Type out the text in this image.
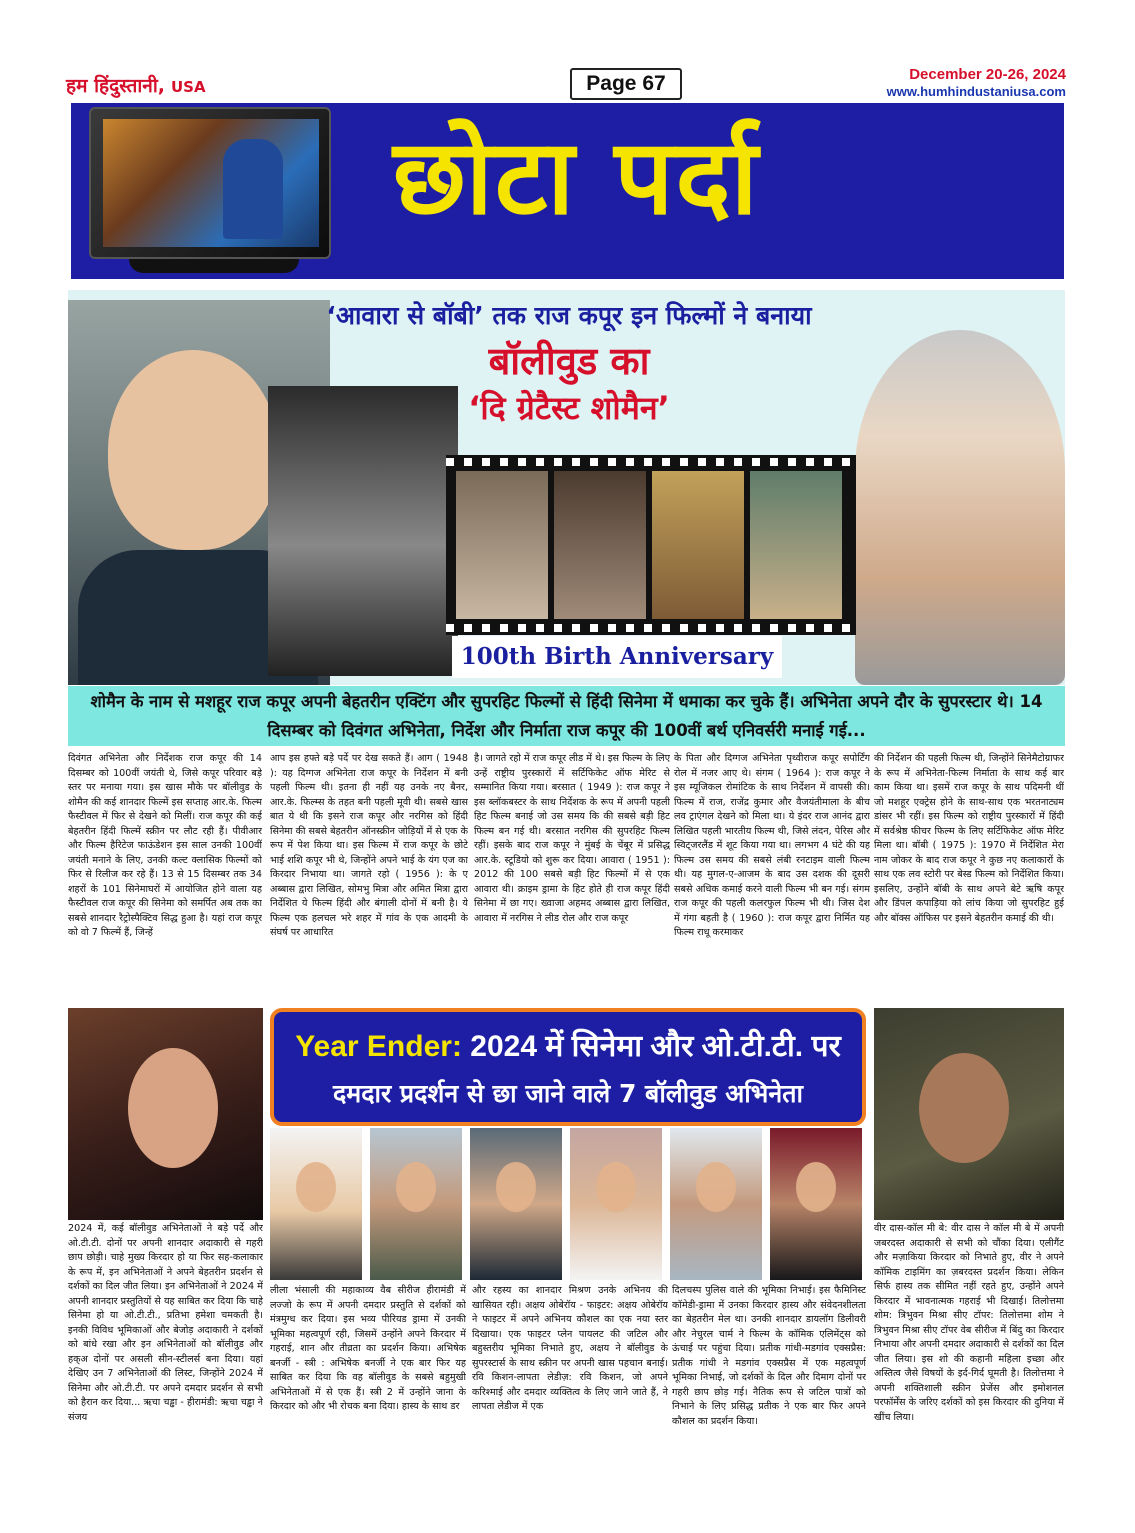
हम हिंदुस्तानी, USA	Page 67	December 20-26, 2024
www.humhindustaniusa.com
छोटा पर्दा
‘आवारा से बॉबी’ तक राज कपूर इन फिल्मों ने बनाया
बॉलीवुड का
‘दि ग्रेटैस्ट शोमैन’
100th Birth Anniversary
शोमैन के नाम से मशहूर राज कपूर अपनी बेहतरीन एक्टिंग और सुपरहिट फिल्मों से हिंदी सिनेमा में धमाका कर चुके हैं। अभिनेता अपने दौर के सुपरस्टार थे। 14 दिसम्बर को दिवंगत अभिनेता, निर्देश और निर्माता राज कपूर की 100वीं बर्थ एनिवर्सरी मनाई गई...
दिवंगत अभिनेता और निर्देशक राज कपूर की 14 दिसम्बर को 100वीं जयंती थे, जिसे कपूर परिवार बड़े स्तर पर मनाया गया। इस खास मौके पर बॉलीवुड के शोमैन की कई शानदार फिल्में इस सप्ताह आर.के. फिल्म फैस्टीवल में फिर से देखने को मिलीं। राज कपूर की कई बेहतरीन हिंदी फिल्में स्क्रीन पर लौट रही हैं। पीवीआर और फिल्म हैरिटेज फाऊंडेशन इस साल उनकी 100वीं जयंती मनाने के लिए, उनकी कल्ट क्लासिक फिल्मों को फिर से रिलीज कर रहे हैं। 13 से 15 दिसम्बर तक 34 शहरों के 101 सिनेमाघरों में आयोजित होने वाला यह फैस्टीवल राज कपूर की सिनेमा को समर्पित अब तक का सबसे शानदार रैट्रोस्पैक्टिव सिद्ध हुआ है। यहां राज कपूर को वो 7 फिल्में हैं, जिन्हें
आप इस हफ्ते बड़े पर्दे पर देख सकते हैं। आग ( 1948 ): यह दिग्गज अभिनेता राज कपूर के निर्देशन में बनी पहली फिल्म थी। इतना ही नहीं यह उनके नए बैनर, आर.के. फिल्म्स के तहत बनी पहली मूवी थी। सबसे खास बात ये थी कि इसने राज कपूर और नरगिस को हिंदी सिनेमा की सबसे बेहतरीन ऑनस्क्रीन जोड़ियों में से एक के रूप में पेश किया था। इस फिल्म में राज कपूर के छोटे भाई शशि कपूर भी थे, जिन्होंने अपने भाई के यंग एज का किरदार निभाया था। जागते रहो ( 1956 ): के ए अब्बास द्वारा लिखित, सोमभु मित्रा और अमित मित्रा द्वारा निर्देशित ये फिल्म हिंदी और बंगाली दोनों में बनी है। ये फिल्म एक हलचल भरे शहर में गांव के एक आदमी के संघर्ष पर आधारित
है। जागते रहो में राज कपूर लीड में थे। इस फिल्म के लिए उन्हें राष्ट्रीय पुरस्कारों में सर्टिफिकेट ऑफ मेरिट से सम्मानित किया गया। बरसात ( 1949 ): राज कपूर ने इस ब्लॉकबस्टर के साथ निर्देशक के रूप में अपनी पहली हिट फिल्म बनाई जो उस समय कि की सबसे बड़ी हिट फिल्म बन गई थी। बरसात नरगिस की सुपरहिट फिल्म रहीं। इसके बाद राज कपूर ने मुंबई के चेंबूर में प्रसिद्ध आर.के. स्टूडियो को शुरू कर दिया। आवारा ( 1951 ): 2012 की 100 सबसे बड़ी हिट फिल्मों में से एक आवारा थी। क्राइम ड्रामा के हिट होते ही राज कपूर हिंदी सिनेमा में छा गए। ख्वाजा अहमद अब्बास द्वारा लिखित, आवारा में नरगिस ने लीड रोल और राज कपूर
के पिता और दिग्गज अभिनेता पृथ्वीराज कपूर सपोर्टिंग रोल में नजर आए थे। संगम ( 1964 ): राज कपूर ने इस म्यूजिकल रोमांटिक के साथ निर्देशन में वापसी की। फिल्म में राज, राजेंद्र कुमार और वैजयंतीमाला के बीच लव ट्राएंगल देखने को मिला था। ये इंदर राज आनंद द्वारा लिखित पहली भारतीय फिल्म थी, जिसे लंदन, पेरिस और स्विट्जरलैंड में शूट किया गया था। लगभग 4 घंटे की यह फिल्म उस समय की सबसे लंबी रनटाइम वाली फिल्म थी। यह मुगल-ए-आजम के बाद उस दशक की दूसरी सबसे अधिक कमाई करने वाली फिल्म भी बन गई। संगम राज कपूर की पहली कलरफुल फिल्म भी थी। जिस देश में गंगा बहती है ( 1960 ): राज कपूर द्वारा निर्मित यह फिल्म राधू करमाकर
की निर्देशन की पहली फिल्म थी, जिन्होंने सिनेमैटोग्राफर के रूप में अभिनेता-फिल्म निर्माता के साथ कई बार काम किया था। इसमें राज कपूर के साथ पदिमनी थीं जो मशहूर एक्ट्रेस होने के साथ-साथ एक भरतनाट्यम डांसर भी रहीं। इस फिल्म को राष्ट्रीय पुरस्कारों में हिंदी में सर्वश्रेष्ठ फीचर फिल्म के लिए सर्टिफिकेट ऑफ मेरिट मिला था। बॉबी ( 1975 ): 1970 में निर्देशित मेरा नाम जोकर के बाद राज कपूर ने कुछ नए कलाकारों के साथ एक लव स्टोरी पर बेस्ड फिल्म को निर्देशित किया। इसलिए, उन्होंने बॉबी के साथ अपने बेटे ऋषि कपूर और डिंपल कपाड़िया को लांच किया जो सुपरहिट हुई और बॉक्स ऑफिस पर इसने बेहतरीन कमाई की थी।
Year Ender: 2024 में सिनेमा और ओ.टी.टी. पर
दमदार प्रदर्शन से छा जाने वाले 7 बॉलीवुड अभिनेता
2024 में, कई बॉलीवुड अभिनेताओं ने बड़े पर्दे और ओ.टी.टी. दोनों पर अपनी शानदार अदाकारी से गहरी छाप छोड़ी। चाहे मुख्य किरदार हो या फिर सह-कलाकार के रूप में, इन अभिनेताओं ने अपने बेहतरीन प्रदर्शन से दर्शकों का दिल जीत लिया। इन अभिनेताओं ने 2024 में अपनी शानदार प्रस्तुतियों से यह साबित कर दिया कि चाहे सिनेमा हो या ओ.टी.टी., प्रतिभा हमेशा चमकती है। इनकी विविध भूमिकाओं और बेजोड़ अदाकारी ने दर्शकों को बांधे रखा और इन अभिनेताओं को बॉलीवुड और हक्अ दोनों पर असली सीन-स्टीलर्स बना दिया। यहां देखिए उन 7 अभिनेताओं की लिस्ट, जिन्होंने 2024 में सिनेमा और ओ.टी.टी. पर अपने दमदार प्रदर्शन से सभी को हैरान कर दिया... ऋचा चड्ढा - हीरामंडी: ऋचा चड्ढा ने संजय
लीला भंसाली की महाकाव्य वैब सीरीज हीरामंडी में लज्जो के रूप में अपनी दमदार प्रस्तुति से दर्शकों को मंत्रमुग्ध कर दिया। इस भव्य पीरियड ड्रामा में उनकी भूमिका महत्वपूर्ण रही, जिसमें उन्होंने अपने किरदार में गहराई, शान और तीव्रता का प्रदर्शन किया। अभिषेक बनर्जी - स्त्री : अभिषेक बनर्जी ने एक बार फिर यह साबित कर दिया कि वह बॉलीवुड के सबसे बहुमुखी अभिनेताओं में से एक हैं। स्त्री 2 में उन्होंने जाना के किरदार को और भी रोचक बना दिया। हास्य के साथ डर
और रहस्य का शानदार मिश्रण उनके अभिनय की खासियत रही। अक्षय ओबेरॉय - फाइटर: अक्षय ओबेरॉय ने फाइटर में अपने अभिनय कौशल का एक नया स्तर दिखाया। एक फाइटर प्लेन पायलट की जटिल और बहुस्तरीय भूमिका निभाते हुए, अक्षय ने बॉलीवुड के सुपरस्टार्स के साथ स्क्रीन पर अपनी खास पहचान बनाई। रवि किशन-लापता लेडीज़: रवि किशन, जो अपने करिश्माई और दमदार व्यक्तित्व के लिए जाने जाते हैं, ने लापता लेडीज में एक
दिलचस्प पुलिस वाले की भूमिका निभाई। इस फैमिनिस्ट कॉमेडी-ड्रामा में उनका किरदार हास्य और संवेदनशीलता का बेहतरीन मेल था। उनकी शानदार डायलॉग डिलीवरी और नेचुरल चार्म ने फिल्म के कॉमिक एलिमेंट्स को ऊंचाई पर पहुंचा दिया। प्रतीक गांधी-मडगांव एक्सप्रैस: प्रतीक गांधी ने मडगांव एक्सप्रैस में एक महत्वपूर्ण भूमिका निभाई, जो दर्शकों के दिल और दिमाग दोनों पर गहरी छाप छोड़ गई। नैतिक रूप से जटिल पात्रों को निभाने के लिए प्रसिद्ध प्रतीक ने एक बार फिर अपने कौशल का प्रदर्शन किया।
वीर दास-कॉल मी बे: वीर दास ने कॉल मी बे में अपनी जबरदस्त अदाकारी से सभी को चौंका दिया। एलीगैंट और मज़ाकिया किरदार को निभाते हुए, वीर ने अपने कॉमिक टाइमिंग का ज़बरदस्त प्रदर्शन किया। लेकिन सिर्फ हास्य तक सीमित नहीं रहते हुए, उन्होंने अपने किरदार में भावनात्मक गहराई भी दिखाई। तिलोत्तमा शोम: त्रिभुवन मिश्रा सीए टॉपर: तिलोत्तमा शोम ने त्रिभुवन मिश्रा सीए टॉपर वेब सीरीज में बिंदु का किरदार निभाया और अपनी दमदार अदाकारी से दर्शकों का दिल जीत लिया। इस शो की कहानी महिला इच्छा और अस्तित्व जैसे विषयों के इर्द-गिर्द घूमती है। तिलोत्तमा ने अपनी शक्तिशाली स्क्रीन प्रेजेंस और इमोशनल परफॉर्मेंस के जरिए दर्शकों को इस किरदार की दुनिया में खींच लिया।
